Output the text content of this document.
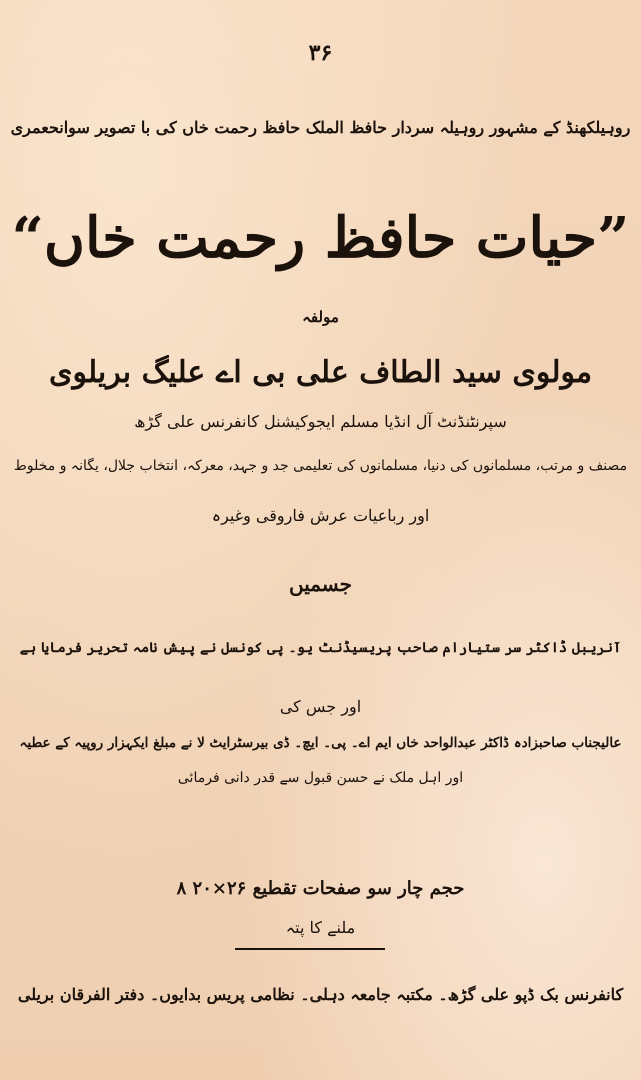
۳۶
روہیلکھنڈ کے مشہور روہیلہ سردار حافظ الملک حافظ رحمت خاں کی با تصویر سوانحعمری
”حیات حافظ رحمت خاں“
مولفہ
مولوی سید الطاف علی بی اے علیگ بریلوی
سپرنٹنڈنٹ آل انڈیا مسلم ایجوکیشنل کانفرنس علی گڑھ
مصنف و مرتب، مسلمانوں کی دنیا، مسلمانوں کی تعلیمی جد و جہد، معرکہ، انتخاب جلال، یگانہ و مخلوط
اور رباعیات عرش فاروقی وغیرہ
جسمیں
آنریبل ڈاکٹر سر ستیارام صاحب پریسیڈنٹ یو۔ پی کونسل نے پیش نامہ تحریر فرمایا ہے
اور جس کی
عالیجناب صاحبزادہ ڈاکٹر عبدالواحد خاں ایم اے۔ پی۔ ایچ۔ ڈی بیرسٹرایٹ لا نے مبلغ ایکہزار روپیہ کے عطیہ
اور اہل ملک نے حسن قبول سے قدر دانی فرمائی
حجم چار سو صفحات تقطیع ۲۶×۲۰ ۸
ملنے کا پتہ
کانفرنس بک ڈپو علی گڑھ۔ مکتبہ جامعہ دہلی۔ نظامی پریس بدایوں۔ دفتر الفرقان بریلی
